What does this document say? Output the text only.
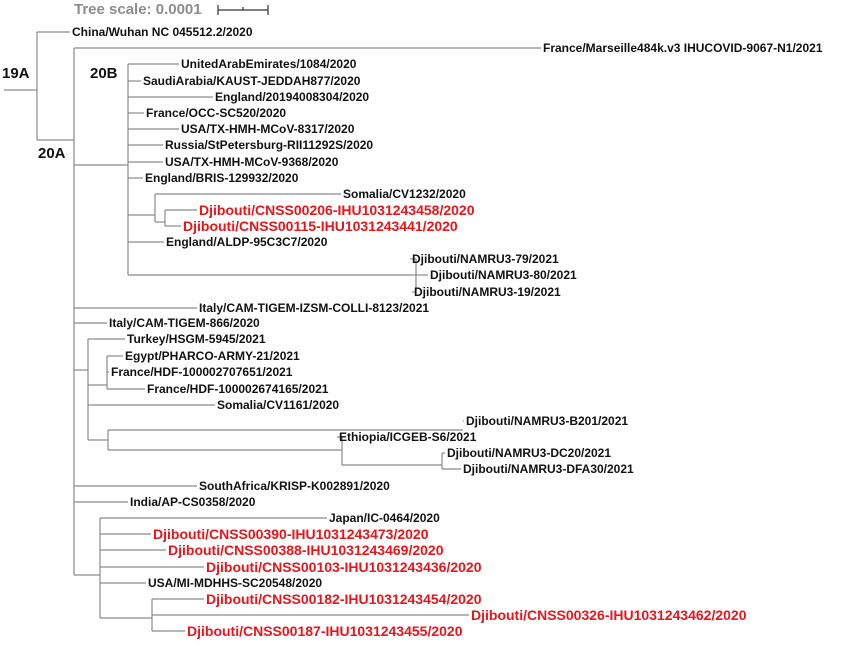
Tree scale: 0.0001
19A
20A
20B
China/Wuhan NC 045512.2/2020
France/Marseille484k.v3 IHUCOVID-9067-N1/2021
UnitedArabEmirates/1084/2020
SaudiArabia/KAUST-JEDDAH877/2020
England/20194008304/2020
France/OCC-SC520/2020
USA/TX-HMH-MCoV-8317/2020
Russia/StPetersburg-RII11292S/2020
USA/TX-HMH-MCoV-9368/2020
England/BRIS-129932/2020
Somalia/CV1232/2020
Djibouti/CNSS00206-IHU1031243458/2020
Djibouti/CNSS00115-IHU1031243441/2020
England/ALDP-95C3C7/2020
Djibouti/NAMRU3-79/2021
Djibouti/NAMRU3-80/2021
Djibouti/NAMRU3-19/2021
Italy/CAM-TIGEM-IZSM-COLLI-8123/2021
Italy/CAM-TIGEM-866/2020
Turkey/HSGM-5945/2021
Egypt/PHARCO-ARMY-21/2021
France/HDF-100002707651/2021
France/HDF-100002674165/2021
Somalia/CV1161/2020
Djibouti/NAMRU3-B201/2021
Ethiopia/ICGEB-S6/2021
Djibouti/NAMRU3-DC20/2021
Djibouti/NAMRU3-DFA30/2021
SouthAfrica/KRISP-K002891/2020
India/AP-CS0358/2020
Japan/IC-0464/2020
Djibouti/CNSS00390-IHU1031243473/2020
Djibouti/CNSS00388-IHU1031243469/2020
Djibouti/CNSS00103-IHU1031243436/2020
USA/MI-MDHHS-SC20548/2020
Djibouti/CNSS00182-IHU1031243454/2020
Djibouti/CNSS00326-IHU1031243462/2020
Djibouti/CNSS00187-IHU1031243455/2020
